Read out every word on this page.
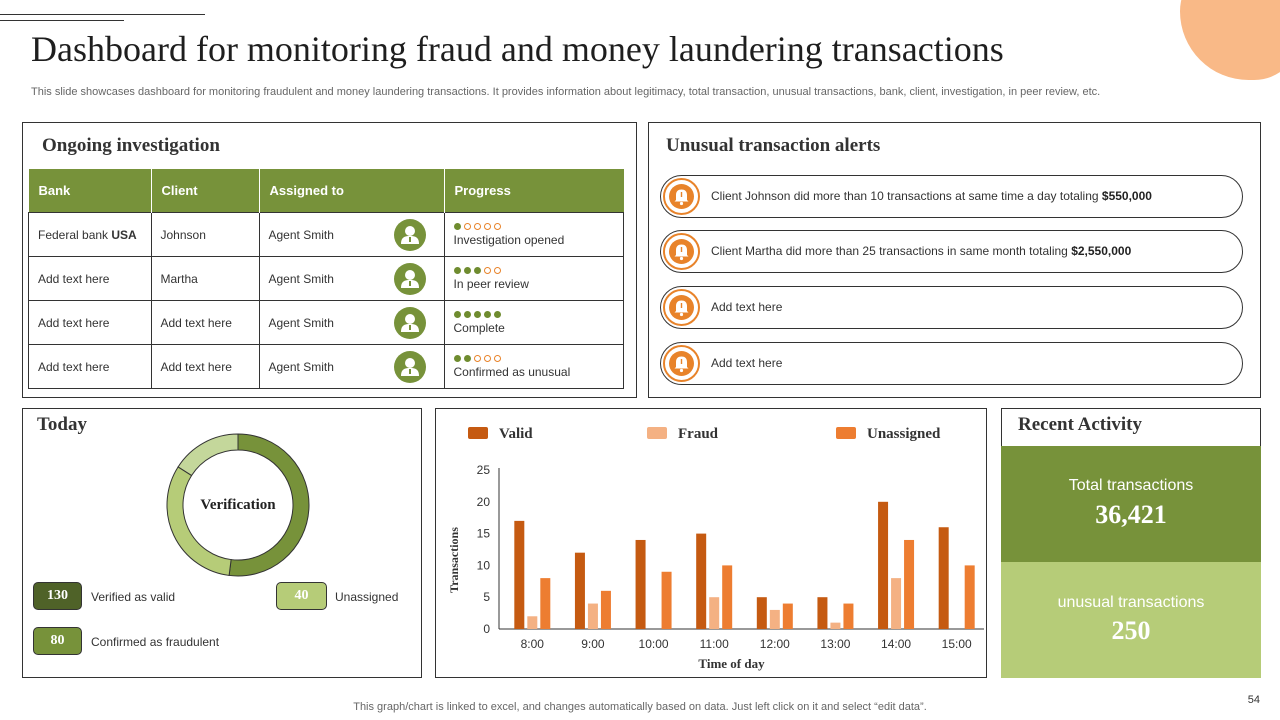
Dashboard for monitoring fraud and money laundering transactions
This slide showcases dashboard for monitoring fraudulent and money laundering transactions. It provides information about legitimacy, total transaction, unusual transactions, bank, client, investigation, in peer review, etc.
Ongoing investigation
Bank	Client	Assigned to	Progress
Federal bank USA	Johnson	Agent Smith	Investigation opened

Add text here	Martha	Agent Smith	In peer review

Add text here	Add text here	Agent Smith	Complete

Add text here	Add text here	Agent Smith	Confirmed as unusual
Unusual transaction alerts
Client Johnson did more than 10 transactions at same time a day totaling $550,000
Client Martha did more than 25 transactions in same month totaling $2,550,000
Add text here
Add text here
Today
Verification
130	Verified as valid	40	Unassigned
80	Confirmed as fraudulent
0
5
10
15
20
25
8:00	9:00	10:00	11:00	12:00	13:00	14:00	15:00
Time of day
Transactions
Valid	Fraud	Unassigned	Recent Activity
Total transactions
36,421
unusual transactions
250
This graph/chart is linked to excel, and changes automatically based on data. Just left click on it and select “edit data”.
54
